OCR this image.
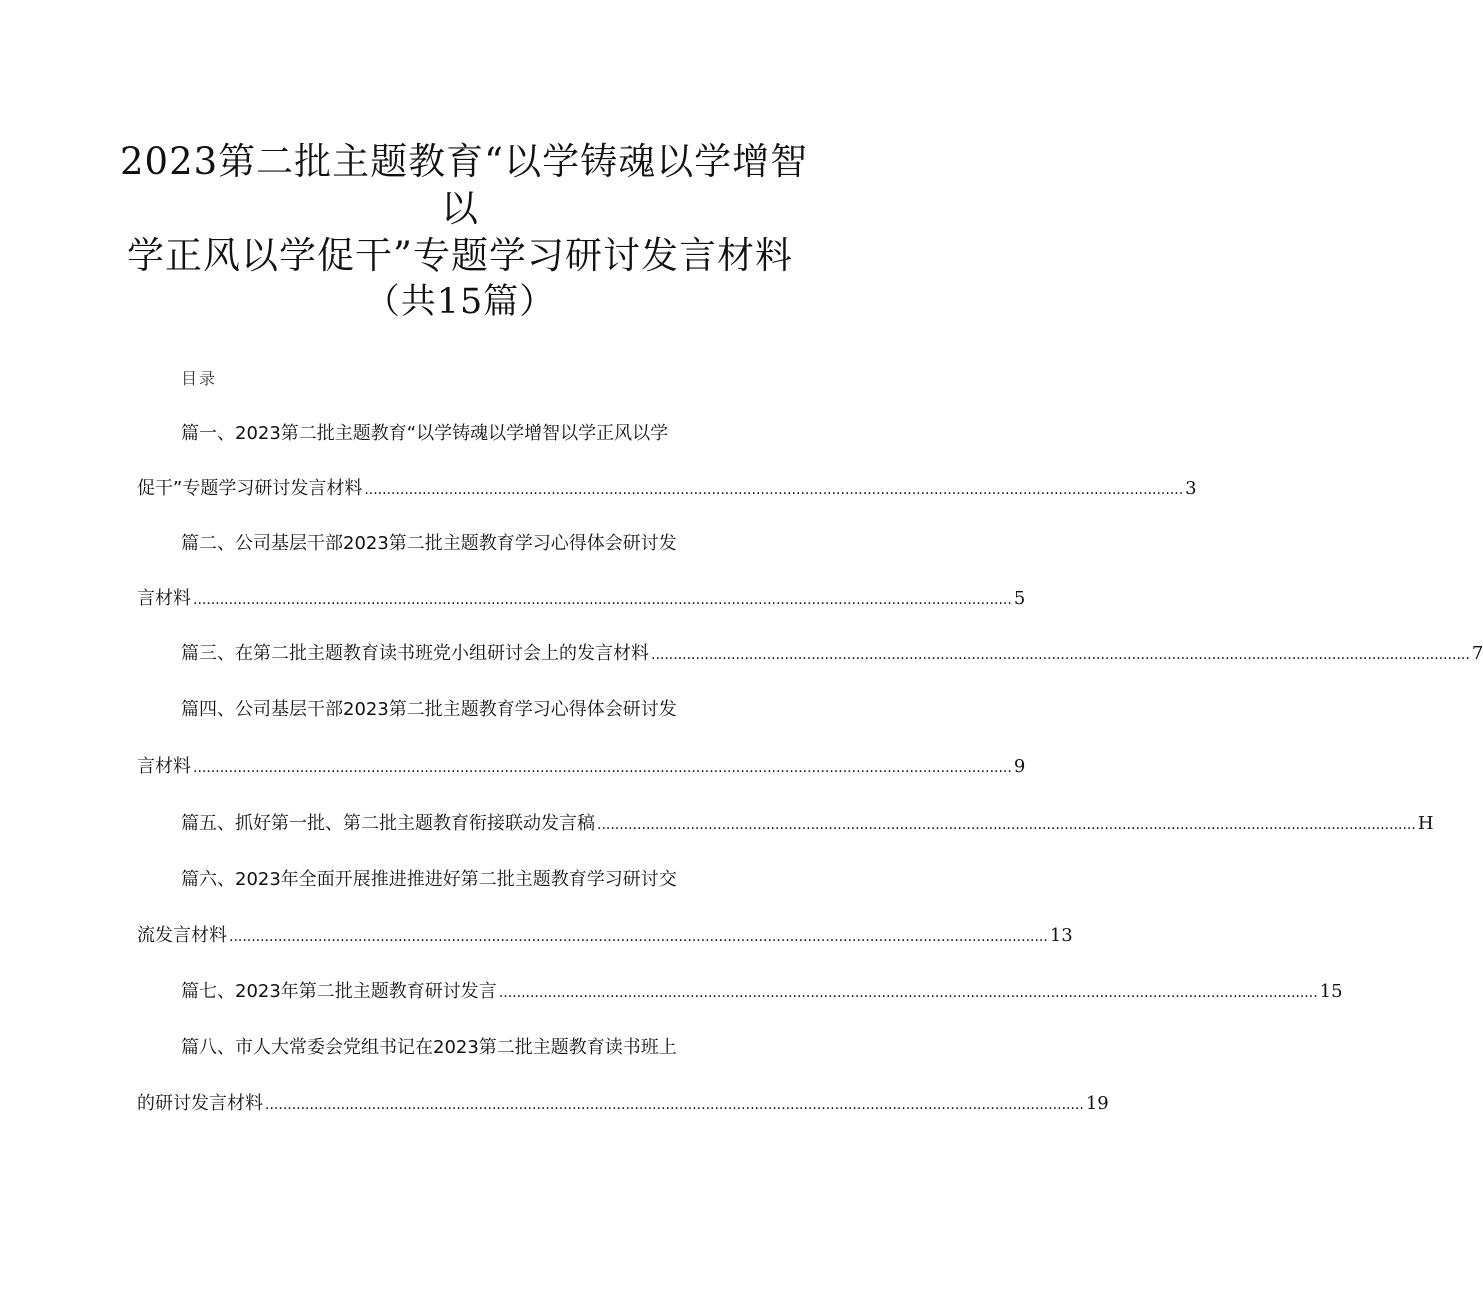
2023第二批主题教育“以学铸魂以学增智
以
学正风以学促干”专题学习研讨发言材料
（共15篇）
目录
篇一、2023第二批主题教育“以学铸魂以学增智以学正风以学
促干”专题学习研讨发言材料 ........................................................................................................................................................................................ 3
篇二、公司基层干部2023第二批主题教育学习心得体会研讨发
言材料 ........................................................................................................................................................................................ 5
篇三、在第二批主题教育读书班党小组研讨会上的发言材料 ........................................................................................................................................................................................ 7
篇四、公司基层干部2023第二批主题教育学习心得体会研讨发
言材料 ........................................................................................................................................................................................ 9
篇五、抓好第一批、第二批主题教育衔接联动发言稿 ........................................................................................................................................................................................ H
篇六、2023年全面开展推进推进好第二批主题教育学习研讨交
流发言材料 ........................................................................................................................................................................................ 13
篇七、2023年第二批主题教育研讨发言 ........................................................................................................................................................................................ 15
篇八、市人大常委会党组书记在2023第二批主题教育读书班上
的研讨发言材料 ........................................................................................................................................................................................ 19
